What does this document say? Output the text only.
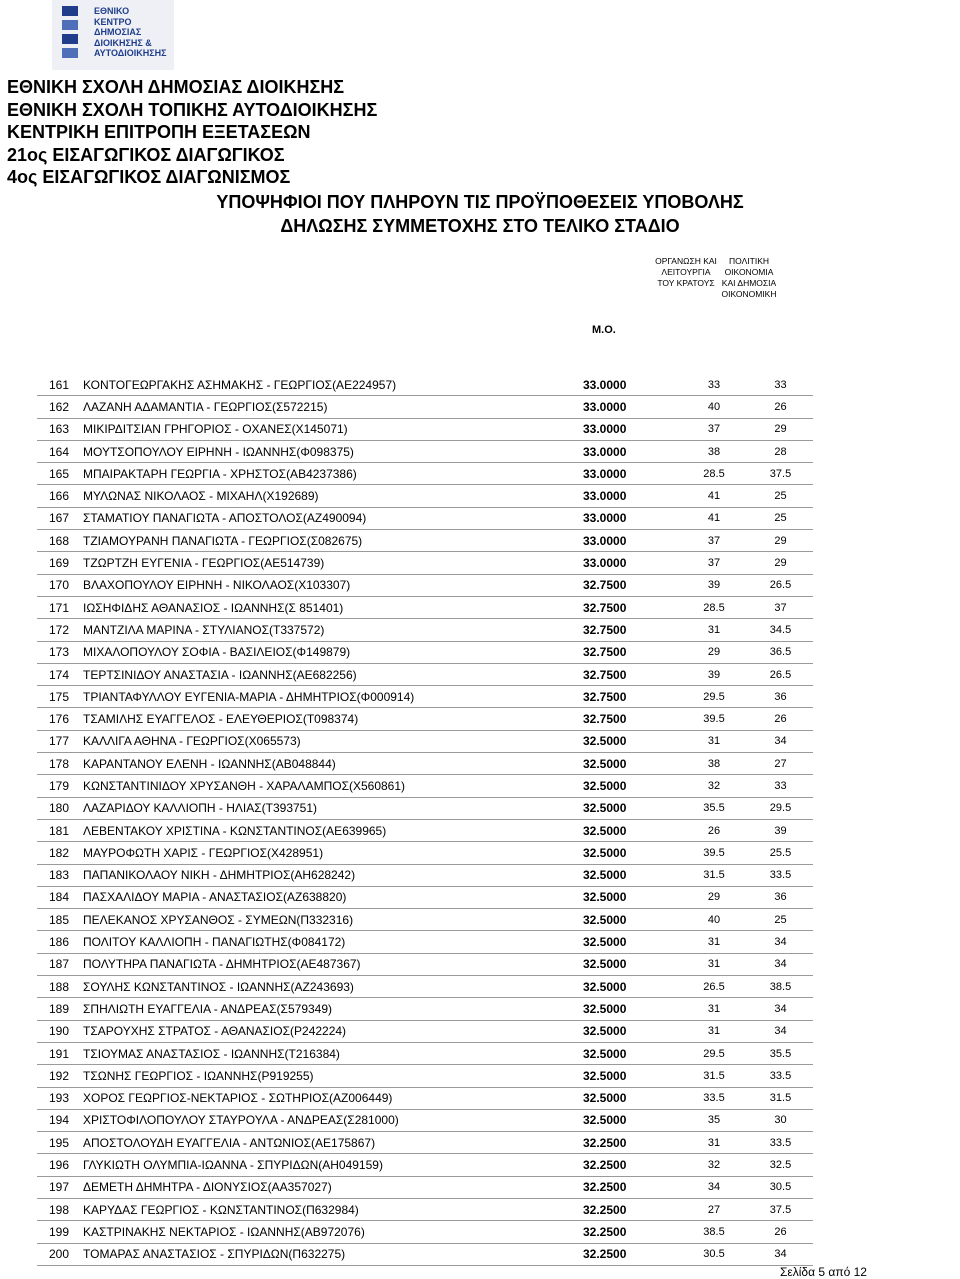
ΕΘΝΙΚΟ
ΚΕΝΤΡΟ
ΔΗΜΟΣΙΑΣ
ΔΙΟΙΚΗΣΗΣ &
ΑΥΤΟΔΙΟΙΚΗΣΗΣ
ΕΘΝΙΚΗ ΣΧΟΛΗ ΔΗΜΟΣΙΑΣ ΔΙΟΙΚΗΣΗΣ
ΕΘΝΙΚΗ ΣΧΟΛΗ ΤΟΠΙΚΗΣ ΑΥΤΟΔΙΟΙΚΗΣΗΣ
ΚΕΝΤΡΙΚΗ ΕΠΙΤΡΟΠΗ ΕΞΕΤΑΣΕΩΝ
21ος ΕΙΣΑΓΩΓΙΚΟΣ ΔΙΑΓΩΓΙΚΟΣ
4ος ΕΙΣΑΓΩΓΙΚΟΣ ΔΙΑΓΩΝΙΣΜΟΣ
ΥΠΟΨΗΦΙΟΙ ΠΟΥ ΠΛΗΡΟΥΝ ΤΙΣ ΠΡΟΫΠΟΘΕΣΕΙΣ ΥΠΟΒΟΛΗΣ
ΔΗΛΩΣΗΣ ΣΥΜΜΕΤΟΧΗΣ ΣΤΟ ΤΕΛΙΚΟ ΣΤΑΔΙΟ
ΟΡΓΑΝΩΣΗ ΚΑΙ
ΛΕΙΤΟΥΡΓΙΑ
ΤΟΥ ΚΡΑΤΟΥΣ
ΠΟΛΙΤΙΚΗ
ΟΙΚΟΝΟΜΙΑ
ΚΑΙ ΔΗΜΟΣΙΑ
ΟΙΚΟΝΟΜΙΚΗ
Μ.Ο.
161	ΚΟΝΤΟΓΕΩΡΓΑΚΗΣ ΑΣΗΜΑΚΗΣ - ΓΕΩΡΓΙΟΣ(ΑΕ224957)	33.0000	33	33
162	ΛΑΖΑΝΗ ΑΔΑΜΑΝΤΙΑ - ΓΕΩΡΓΙΟΣ(Σ572215)	33.0000	40	26
163	ΜΙΚΙΡΔΙΤΣΙΑΝ ΓΡΗΓΟΡΙΟΣ - ΟΧΑΝΕΣ(Χ145071)	33.0000	37	29
164	ΜΟΥΤΣΟΠΟΥΛΟΥ ΕΙΡΗΝΗ - ΙΩΑΝΝΗΣ(Φ098375)	33.0000	38	28
165	ΜΠΑΙΡΑΚΤΑΡΗ ΓΕΩΡΓΙΑ - ΧΡΗΣΤΟΣ(ΑΒ4237386)	33.0000	28.5	37.5
166	ΜΥΛΩΝΑΣ ΝΙΚΟΛΑΟΣ - ΜΙΧΑΗΛ(Χ192689)	33.0000	41	25
167	ΣΤΑΜΑΤΙΟΥ ΠΑΝΑΓΙΩΤΑ - ΑΠΟΣΤΟΛΟΣ(ΑΖ490094)	33.0000	41	25
168	ΤΖΙΑΜΟΥΡΑΝΗ ΠΑΝΑΓΙΩΤΑ - ΓΕΩΡΓΙΟΣ(Σ082675)	33.0000	37	29
169	ΤΖΩΡΤΖΗ ΕΥΓΕΝΙΑ - ΓΕΩΡΓΙΟΣ(ΑΕ514739)	33.0000	37	29
170	ΒΛΑΧΟΠΟΥΛΟΥ ΕΙΡΗΝΗ - ΝΙΚΟΛΑΟΣ(Χ103307)	32.7500	39	26.5
171	ΙΩΣΗΦΙΔΗΣ ΑΘΑΝΑΣΙΟΣ - ΙΩΑΝΝΗΣ(Σ 851401)	32.7500	28.5	37
172	ΜΑΝΤΖΙΛΑ ΜΑΡΙΝΑ - ΣΤΥΛΙΑΝΟΣ(Τ337572)	32.7500	31	34.5
173	ΜΙΧΑΛΟΠΟΥΛΟΥ ΣΟΦΙΑ - ΒΑΣΙΛΕΙΟΣ(Φ149879)	32.7500	29	36.5
174	ΤΕΡΤΣΙΝΙΔΟΥ ΑΝΑΣΤΑΣΙΑ - ΙΩΑΝΝΗΣ(ΑΕ682256)	32.7500	39	26.5
175	ΤΡΙΑΝΤΑΦΥΛΛΟΥ ΕΥΓΕΝΙΑ-ΜΑΡΙΑ - ΔΗΜΗΤΡΙΟΣ(Φ000914)	32.7500	29.5	36
176	ΤΣΑΜΙΛΗΣ ΕΥΑΓΓΕΛΟΣ - ΕΛΕΥΘΕΡΙΟΣ(Τ098374)	32.7500	39.5	26
177	ΚΑΛΛΙΓΑ ΑΘΗΝΑ - ΓΕΩΡΓΙΟΣ(Χ065573)	32.5000	31	34
178	ΚΑΡΑΝΤΑΝΟΥ ΕΛΕΝΗ - ΙΩΑΝΝΗΣ(ΑΒ048844)	32.5000	38	27
179	ΚΩΝΣΤΑΝΤΙΝΙΔΟΥ ΧΡΥΣΑΝΘΗ - ΧΑΡΑΛΑΜΠΟΣ(Χ560861)	32.5000	32	33
180	ΛΑΖΑΡΙΔΟΥ ΚΑΛΛΙΟΠΗ - ΗΛΙΑΣ(Τ393751)	32.5000	35.5	29.5
181	ΛΕΒΕΝΤΑΚΟΥ ΧΡΙΣΤΙΝΑ - ΚΩΝΣΤΑΝΤΙΝΟΣ(ΑΕ639965)	32.5000	26	39
182	ΜΑΥΡΟΦΩΤΗ ΧΑΡΙΣ - ΓΕΩΡΓΙΟΣ(Χ428951)	32.5000	39.5	25.5
183	ΠΑΠΑΝΙΚΟΛΑΟΥ ΝΙΚΗ - ΔΗΜΗΤΡΙΟΣ(ΑΗ628242)	32.5000	31.5	33.5
184	ΠΑΣΧΑΛΙΔΟΥ ΜΑΡΙΑ - ΑΝΑΣΤΑΣΙΟΣ(ΑΖ638820)	32.5000	29	36
185	ΠΕΛΕΚΑΝΟΣ ΧΡΥΣΑΝΘΟΣ - ΣΥΜΕΩΝ(Π332316)	32.5000	40	25
186	ΠΟΛΙΤΟΥ ΚΑΛΛΙΟΠΗ - ΠΑΝΑΓΙΩΤΗΣ(Φ084172)	32.5000	31	34
187	ΠΟΛΥΤΗΡΑ ΠΑΝΑΓΙΩΤΑ - ΔΗΜΗΤΡΙΟΣ(ΑΕ487367)	32.5000	31	34
188	ΣΟΥΛΗΣ ΚΩΝΣΤΑΝΤΙΝΟΣ - ΙΩΑΝΝΗΣ(ΑΖ243693)	32.5000	26.5	38.5
189	ΣΠΗΛΙΩΤΗ ΕΥΑΓΓΕΛΙΑ - ΑΝΔΡΕΑΣ(Σ579349)	32.5000	31	34
190	ΤΣΑΡΟΥΧΗΣ ΣΤΡΑΤΟΣ - ΑΘΑΝΑΣΙΟΣ(Ρ242224)	32.5000	31	34
191	ΤΣΙΟΥΜΑΣ ΑΝΑΣΤΑΣΙΟΣ - ΙΩΑΝΝΗΣ(Τ216384)	32.5000	29.5	35.5
192	ΤΣΩΝΗΣ ΓΕΩΡΓΙΟΣ - ΙΩΑΝΝΗΣ(Ρ919255)	32.5000	31.5	33.5
193	ΧΟΡΟΣ ΓΕΩΡΓΙΟΣ-ΝΕΚΤΑΡΙΟΣ - ΣΩΤΗΡΙΟΣ(ΑΖ006449)	32.5000	33.5	31.5
194	ΧΡΙΣΤΟΦΙΛΟΠΟΥΛΟΥ ΣΤΑΥΡΟΥΛΑ - ΑΝΔΡΕΑΣ(Σ281000)	32.5000	35	30
195	ΑΠΟΣΤΟΛΟΥΔΗ ΕΥΑΓΓΕΛΙΑ - ΑΝΤΩΝΙΟΣ(ΑΕ175867)	32.2500	31	33.5
196	ΓΛΥΚΙΩΤΗ ΟΛΥΜΠΙΑ-ΙΩΑΝΝΑ - ΣΠΥΡΙΔΩΝ(ΑΗ049159)	32.2500	32	32.5
197	ΔΕΜΕΤΗ ΔΗΜΗΤΡΑ - ΔΙΟΝΥΣΙΟΣ(ΑΑ357027)	32.2500	34	30.5
198	ΚΑΡΥΔΑΣ ΓΕΩΡΓΙΟΣ - ΚΩΝΣΤΑΝΤΙΝΟΣ(Π632984)	32.2500	27	37.5
199	ΚΑΣΤΡΙΝΑΚΗΣ ΝΕΚΤΑΡΙΟΣ - ΙΩΑΝΝΗΣ(ΑΒ972076)	32.2500	38.5	26
200	ΤΟΜΑΡΑΣ ΑΝΑΣΤΑΣΙΟΣ - ΣΠΥΡΙΔΩΝ(Π632275)	32.2500	30.5	34
Σελίδα 5 από 12
